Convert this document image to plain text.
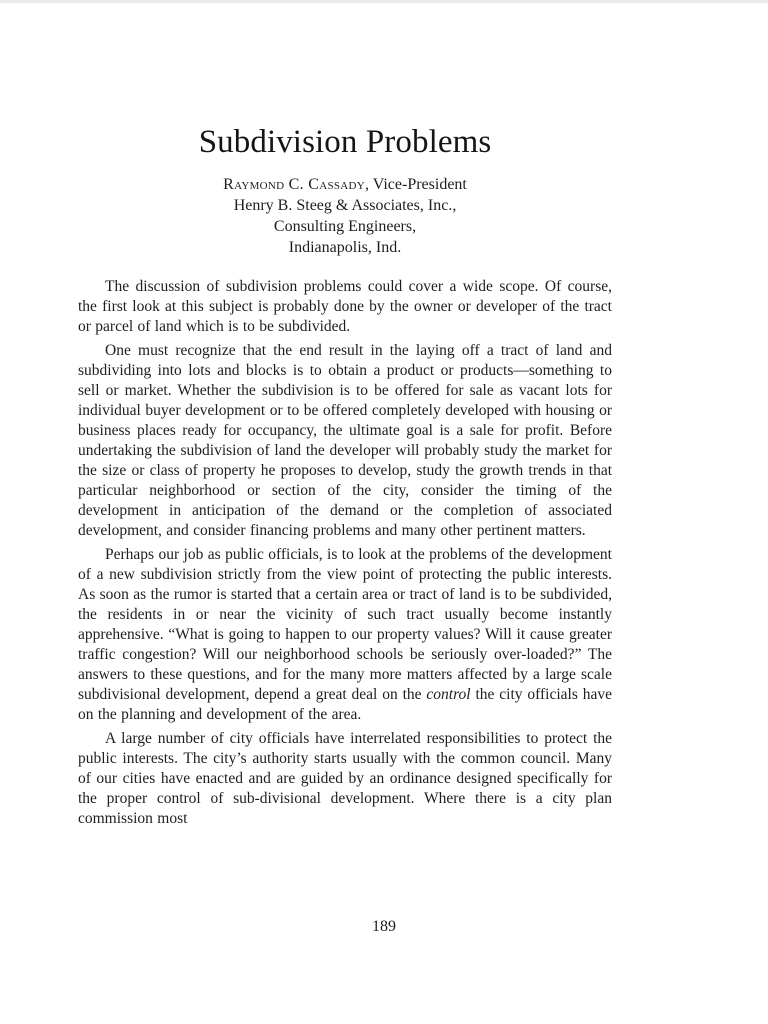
Subdivision Problems

Raymond C. Cassady, Vice-President

Henry B. Steeg & Associates, Inc.,

Consulting Engineers,

Indianapolis, Ind.

The discussion of subdivision problems could cover a wide scope. Of course, the first look at this subject is probably done by the owner or developer of the tract or parcel of land which is to be subdivided.

One must recognize that the end result in the laying off a tract of land and subdividing into lots and blocks is to obtain a product or products—something to sell or market. Whether the subdivision is to be offered for sale as vacant lots for individual buyer development or to be offered completely developed with housing or business places ready for occupancy, the ultimate goal is a sale for profit. Before undertaking the subdivision of land the developer will probably study the market for the size or class of property he proposes to develop, study the growth trends in that particular neighborhood or section of the city, consider the timing of the development in anticipation of the demand or the completion of associated development, and consider financing problems and many other pertinent matters.

Perhaps our job as public officials, is to look at the problems of the development of a new subdivision strictly from the view point of protecting the public interests. As soon as the rumor is started that a certain area or tract of land is to be subdivided, the residents in or near the vicinity of such tract usually become instantly apprehensive. “What is going to happen to our property values? Will it cause greater traffic congestion? Will our neighborhood schools be seriously over-loaded?” The answers to these questions, and for the many more matters affected by a large scale subdivisional development, depend a great deal on the control the city officials have on the planning and development of the area.

A large number of city officials have interrelated responsibilities to protect the public interests. The city’s authority starts usually with the common council. Many of our cities have enacted and are guided by an ordinance designed specifically for the proper control of sub-divisional development. Where there is a city plan commission most

189
